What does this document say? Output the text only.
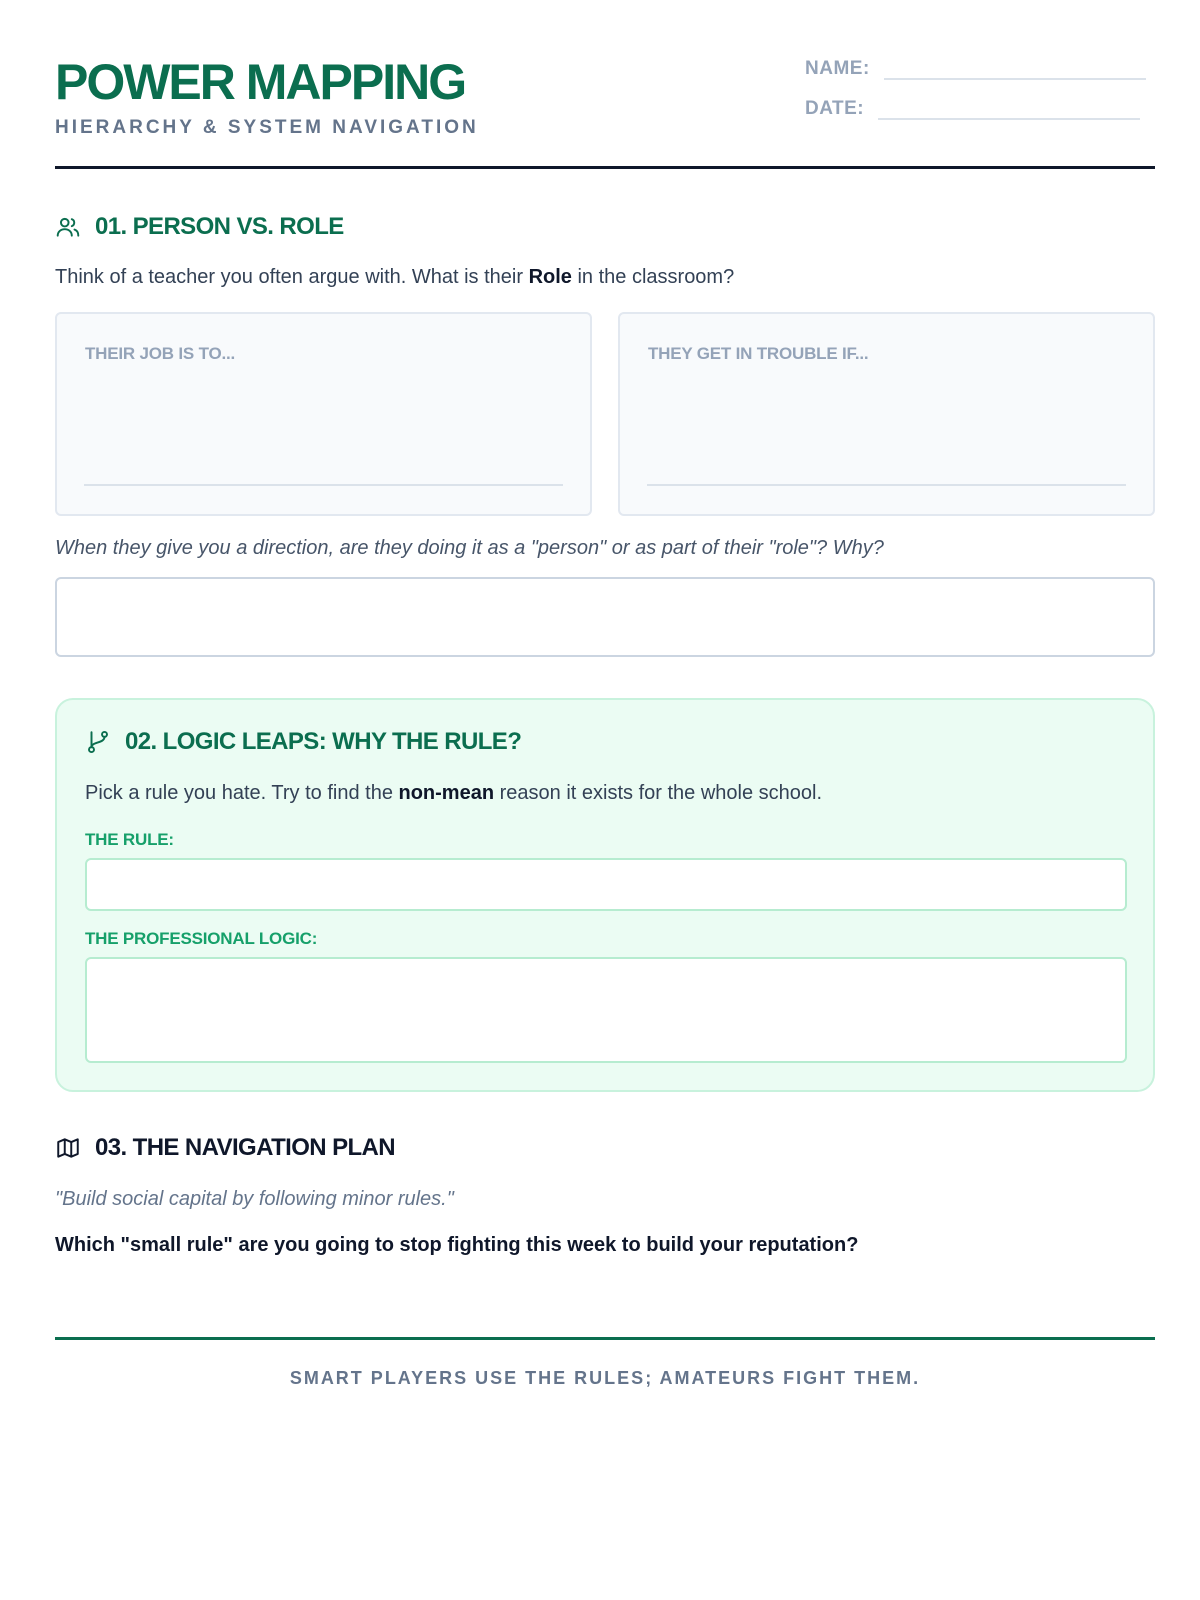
POWER MAPPING
HIERARCHY & SYSTEM NAVIGATION
NAME:
DATE:
01. PERSON VS. ROLE
Think of a teacher you often argue with. What is their Role in the classroom?
THEIR JOB IS TO...	THEY GET IN TROUBLE IF...
When they give you a direction, are they doing it as a "person" or as part of their "role"? Why?
02. LOGIC LEAPS: WHY THE RULE?
Pick a rule you hate. Try to find the non-mean reason it exists for the whole school.
THE RULE:
THE PROFESSIONAL LOGIC:
03. THE NAVIGATION PLAN
"Build social capital by following minor rules."
Which "small rule" are you going to stop fighting this week to build your reputation?
SMART PLAYERS USE THE RULES; AMATEURS FIGHT THEM.
